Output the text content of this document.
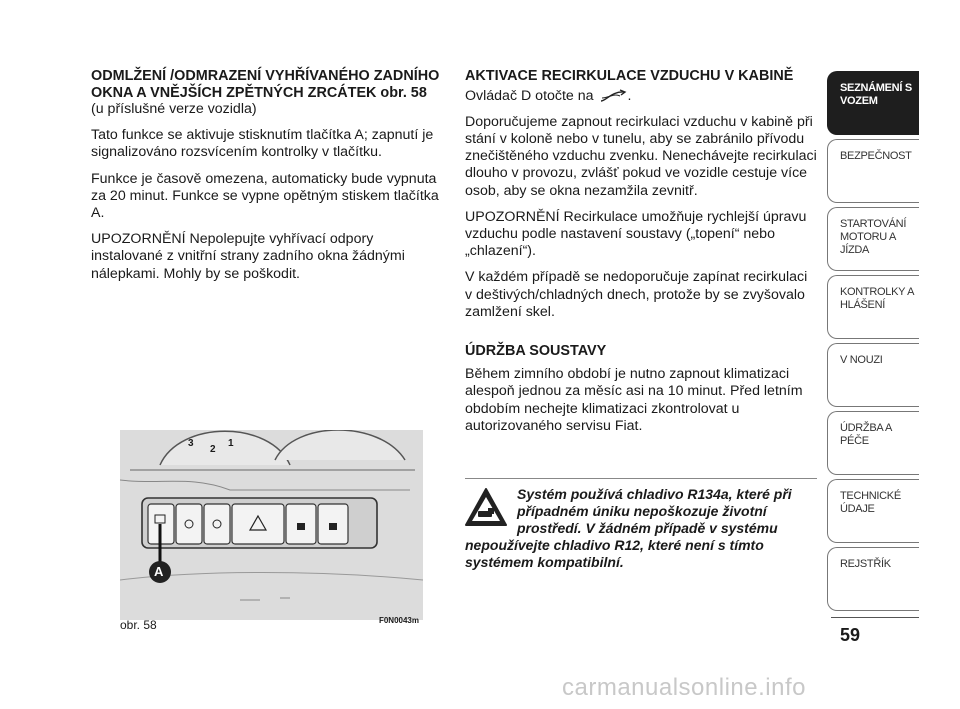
ODMLŽENÍ /ODMRAZENÍ VYHŘÍVANÉHO ZADNÍHO OKNA A VNĚJŠÍCH ZPĚTNÝCH ZRCÁTEK obr. 58

(u příslušné verze vozidla)

Tato funkce se aktivuje stisknutím tlačítka A; zapnutí je signalizováno rozsvícením kontrolky v tlačítku.

Funkce je časově omezena, automaticky bude vypnuta za 20 minut. Funkce se vypne opětným stiskem tlačítka A.

UPOZORNĚNÍ Nepolepujte vyhřívací odpory instalované z vnitřní strany zadního okna žádnými nálepkami. Mohly by se poškodit.

AKTIVACE RECIRKULACE VZDUCHU V KABINĚ

Ovládač D otočte na .

Doporučujeme zapnout recirkulaci vzduchu v kabině při stání v koloně nebo v tunelu, aby se zabránilo přívodu znečištěného vzduchu zvenku. Nenechávejte recirkulaci dlouho v provozu, zvlášť pokud ve vozidle cestuje více osob, aby se okna nezamžila zevnitř.

UPOZORNĚNÍ Recirkulace umožňuje rychlejší úpravu vzduchu podle nastavení soustavy („topení“ nebo „chlazení“).

V každém případě se nedoporučuje zapínat recirkulaci v deštivých/chladných dnech, protože by se zvyšovalo zamlžení skel.

ÚDRŽBA SOUSTAVY

Během zimního období je nutno zapnout klimatizaci alespoň jednou za měsíc asi na 10 minut. Před letním obdobím nechejte klimatizaci zkontrolovat u autorizovaného servisu Fiat.

Systém používá chladivo R134a, které při případném úniku nepoškozuje životní prostředí. V žádném případě v systému nepoužívejte chladivo R12, které není s tímto systémem kompatibilní.
A
3
2
1
obr. 58	F0N0043m
SEZNÁMENÍ S VOZEM
BEZPEČNOST
STARTOVÁNÍ MOTORU A JÍZDA
KONTROLKY A HLÁŠENÍ
V NOUZI
ÚDRŽBA A PÉČE
TECHNICKÉ ÚDAJE
REJSTŘÍK
59
carmanualsonline.info
